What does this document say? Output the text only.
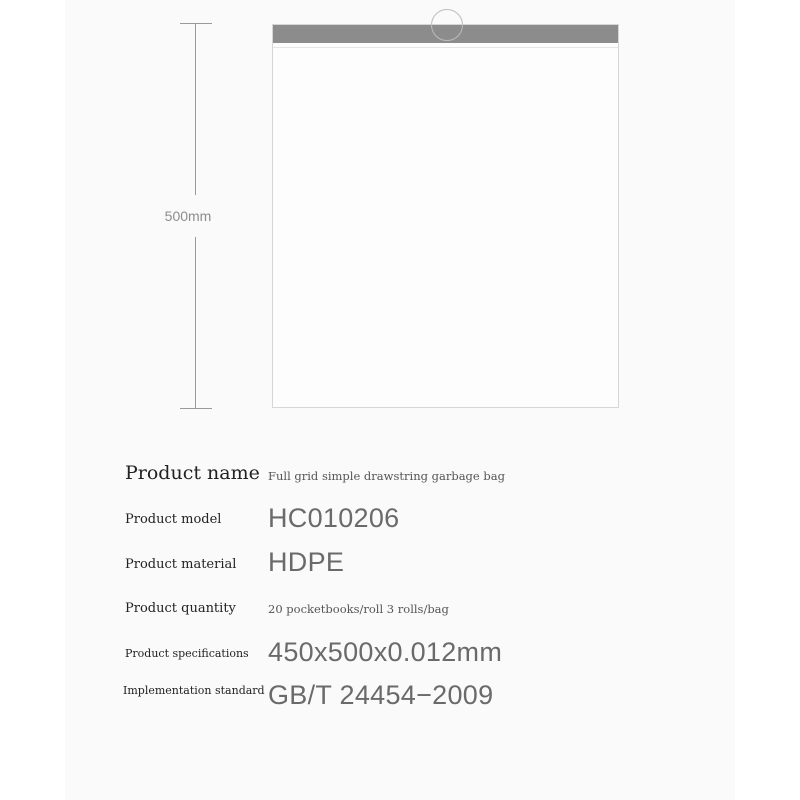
500mm
Product name Full grid simple drawstring garbage bag
Product model HC010206
Product material HDPE
Product quantity	20 pocketbooks/roll 3 rolls/bag
Product specifications 450x500x0.012mm
Implementation standard GB/T 24454−2009
